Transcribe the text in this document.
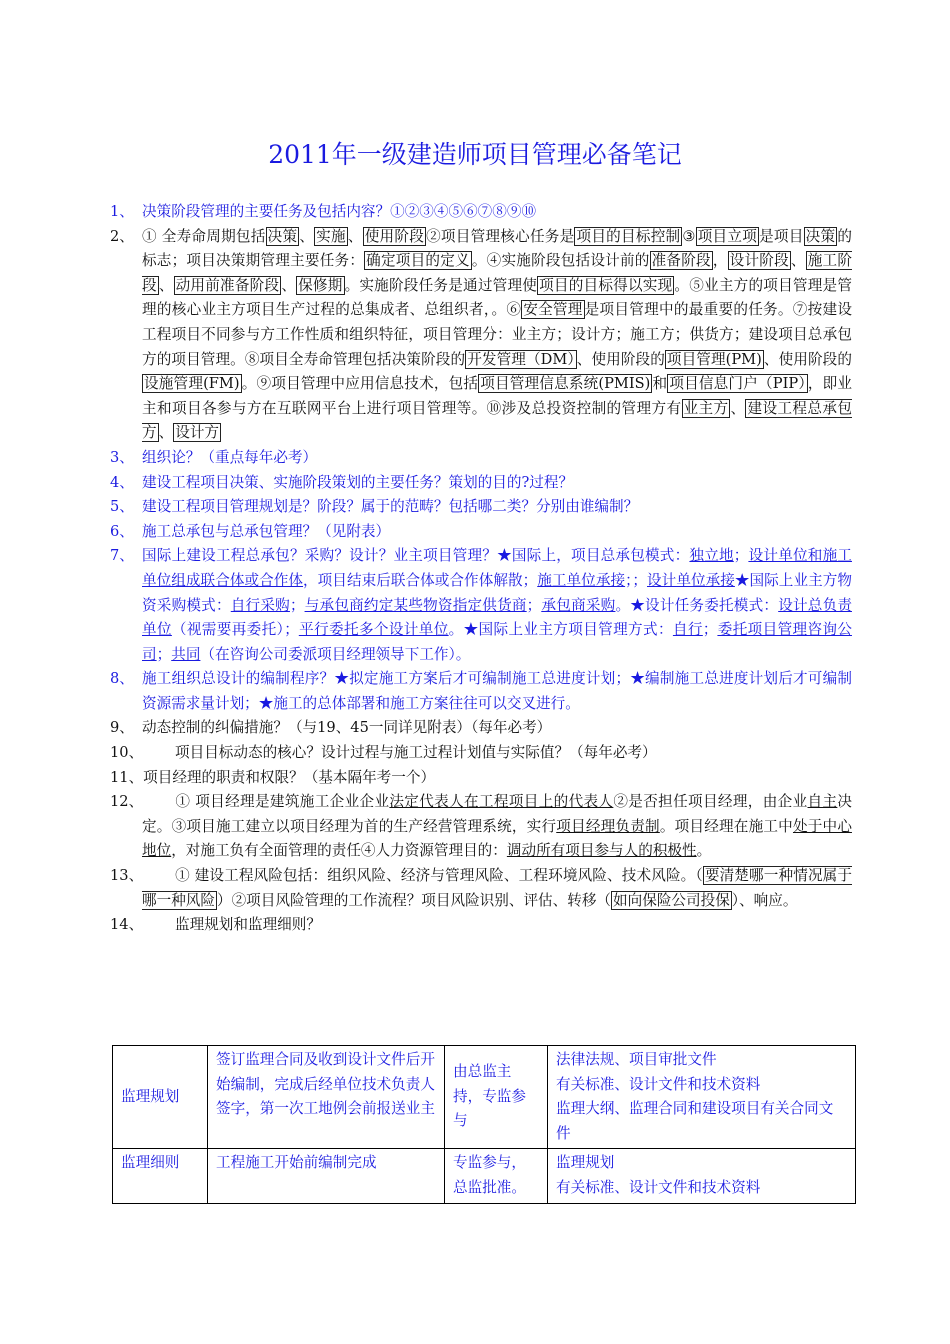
2011年一级建造师项目管理必备笔记
1、 决策阶段管理的主要任务及包括内容？①②③④⑤⑥⑦⑧⑨⑩
2、 ① 全寿命周期包括 决策 、 实施 、 使用阶段 ②项目管理核心任务是 项目的目标控制 ③ 项目立项 是项目 决策 的标志；项目决策期管理主要任务： 确定项目的定义 。④实施阶段包括设计前的 准备阶段 ， 设计阶段 、 施工阶段 、 动用前准备阶段 、 保修期 。实施阶段任务是通过管理使 项目的目标得以实现 。⑤业主方的项目管理是管理的核心业主方项目生产过程的总集成者、总组织者，。⑥ 安全管理 是项目管理中的最重要的任务。⑦按建设工程项目不同参与方工作性质和组织特征，项目管理分：业主方；设计方；施工方；供货方；建设项目总承包方的项目管理。⑧项目全寿命管理包括决策阶段的 开发管理（DM） 、使用阶段的 项目管理(PM) 、使用阶段的设施管理(FM) 。⑨项目管理中应用信息技术，包括 项目管理信息系统(PMIS) 和 项目信息门户（PIP） ，即业主和项目各参与方在互联网平台上进行项目管理等。⑩涉及总投资控制的管理方有 业主方 、 建设工程总承包方 、 设计方
3、 组织论？（重点每年必考）
4、 建设工程项目决策、实施阶段策划的主要任务？策划的目的?过程？
5、 建设工程项目管理规划是？阶段？属于的范畴？包括哪二类？分别由谁编制？
6、 施工总承包与总承包管理？（见附表）
7、 国际上建设工程总承包？采购？设计？业主项目管理？★国际上，项目总承包模式：独立地；设计单位和施工单位组成联合体或合作体，项目结束后联合体或合作体解散；施工单位承接；；设计单位承接★国际上业主方物资采购模式：自行采购；与承包商约定某些物资指定供货商；承包商采购。★设计任务委托模式：设计总负责单位（视需要再委托）；平行委托多个设计单位。★国际上业主方项目管理方式：自行；委托项目管理咨询公司；共同（在咨询公司委派项目经理领导下工作）。
8、 施工组织总设计的编制程序？★拟定施工方案后才可编制施工总进度计划；★编制施工总进度计划后才可编制资源需求量计划；★施工的总体部署和施工方案往往可以交叉进行。
9、 动态控制的纠偏措施？（与19、45一同详见附表）（每年必考）
10、	项目目标动态的核心？设计过程与施工过程计划值与实际值？（每年必考）
11、项目经理的职责和权限？（基本隔年考一个）
12、	① 项目经理是建筑施工企业企业法定代表人在工程项目上的代表人②是否担任项目经理，由企业自主决定。③项目施工建立以项目经理为首的生产经营管理系统，实行项目经理负责制。项目经理在施工中处于中心地位，对施工负有全面管理的责任④人力资源管理目的：调动所有项目参与人的积极性。
13、	① 建设工程风险包括：组织风险、经济与管理风险、工程环境风险、技术风险。（ 要清楚哪一种情况属于哪一种风险 ）②项目风险管理的工作流程？项目风险识别、评估、转移（ 如向保险公司投保 ）、响应。
14、	监理规划和监理细则？
监理规划	签订监理合同及收到设计文件后开始编制，完成后经单位技术负责人签字，第一次工地例会前报送业主	由总监主持，专监参与	法律法规、项目审批文件
有关标准、设计文件和技术资料
监理大纲、监理合同和建设项目有关合同文件

监理细则	工程施工开始前编制完成	专监参与，总监批准。	监理规划
有关标准、设计文件和技术资料
